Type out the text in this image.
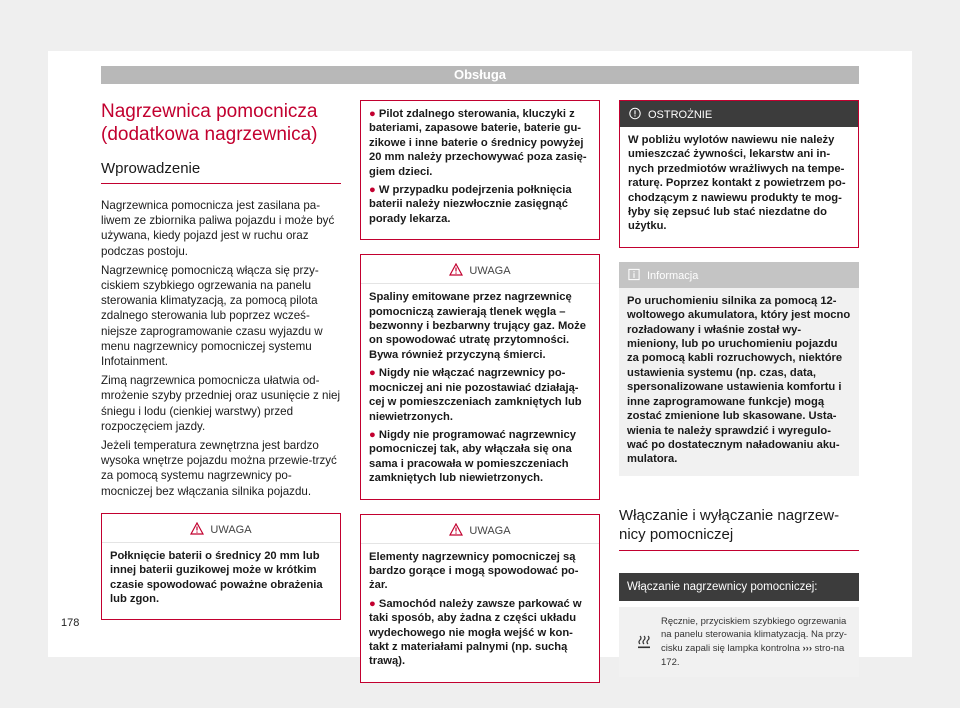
Obsługa
Nagrzewnica pomocnicza
(dodatkowa nagrzewnica)
Wprowadzenie

Nagrzewnica pomocnicza jest zasilana pa-liwem ze zbiornika paliwa pojazdu i może być używana, kiedy pojazd jest w ruchu oraz podczas postoju.

Nagrzewnicę pomocniczą włącza się przy-ciskiem szybkiego ogrzewania na panelu sterowania klimatyzacją, za pomocą pilota zdalnego sterowania lub poprzez wcześ-niejsze zaprogramowanie czasu wyjazdu w menu nagrzewnicy pomocniczej systemu Infotainment.

Zimą nagrzewnica pomocnicza ułatwia od-mrożenie szyby przedniej oraz usunięcie z niej śniegu i lodu (cienkiej warstwy) przed rozpoczęciem jazdy.

Jeżeli temperatura zewnętrzna jest bardzo wysoka wnętrze pojazdu można przewie-trzyć za pomocą systemu nagrzewnicy po-mocniczej bez włączania silnika pojazdu.

UWAGA

Połknięcie baterii o średnicy 20 mm lub innej baterii guzikowej może w krótkim czasie spowodować poważne obrażenia lub zgon.

● Pilot zdalnego sterowania, kluczyki z bateriami, zapasowe baterie, baterie gu-zikowe i inne baterie o średnicy powyżej 20 mm należy przechowywać poza zasię-giem dzieci.

● W przypadku podejrzenia połknięcia baterii należy niezwłocznie zasięgnąć porady lekarza.

UWAGA

Spaliny emitowane przez nagrzewnicę pomocniczą zawierają tlenek węgla – bezwonny i bezbarwny trujący gaz. Może on spowodować utratę przytomności. Bywa również przyczyną śmierci.

● Nigdy nie włączać nagrzewnicy po-mocniczej ani nie pozostawiać działają-cej w pomieszczeniach zamkniętych lub niewietrzonych.

● Nigdy nie programować nagrzewnicy pomocniczej tak, aby włączała się ona sama i pracowała w pomieszczeniach zamkniętych lub niewietrzonych.

UWAGA

Elementy nagrzewnicy pomocniczej są bardzo gorące i mogą spowodować po-żar.

● Samochód należy zawsze parkować w taki sposób, aby żadna z części układu wydechowego nie mogła wejść w kon-takt z materiałami palnymi (np. suchą trawą).

OSTROŻNIE

W pobliżu wylotów nawiewu nie należy umieszczać żywności, lekarstw ani in-nych przedmiotów wrażliwych na tempe-raturę. Poprzez kontakt z powietrzem po-chodzącym z nawiewu produkty te mog-łyby się zepsuć lub stać niezdatne do użytku.

Informacja

Po uruchomieniu silnika za pomocą 12-woltowego akumulatora, który jest mocno rozładowany i właśnie został wy-mieniony, lub po uruchomieniu pojazdu za pomocą kabli rozruchowych, niektóre ustawienia systemu (np. czas, data, spersonalizowane ustawienia komfortu i inne zaprogramowane funkcje) mogą zostać zmienione lub skasowane. Usta-wienia te należy sprawdzić i wyregulo-wać po dostatecznym naładowaniu aku-mulatora.

Włączanie i wyłączanie nagrzew-nicy pomocniczej
Włączanie nagrzewnicy pomocniczej:
Ręcznie, przyciskiem szybkiego ogrzewania na panelu sterowania klimatyzacją. Na przy-cisku zapali się lampka kontrolna ››› stro-na 172.
178
